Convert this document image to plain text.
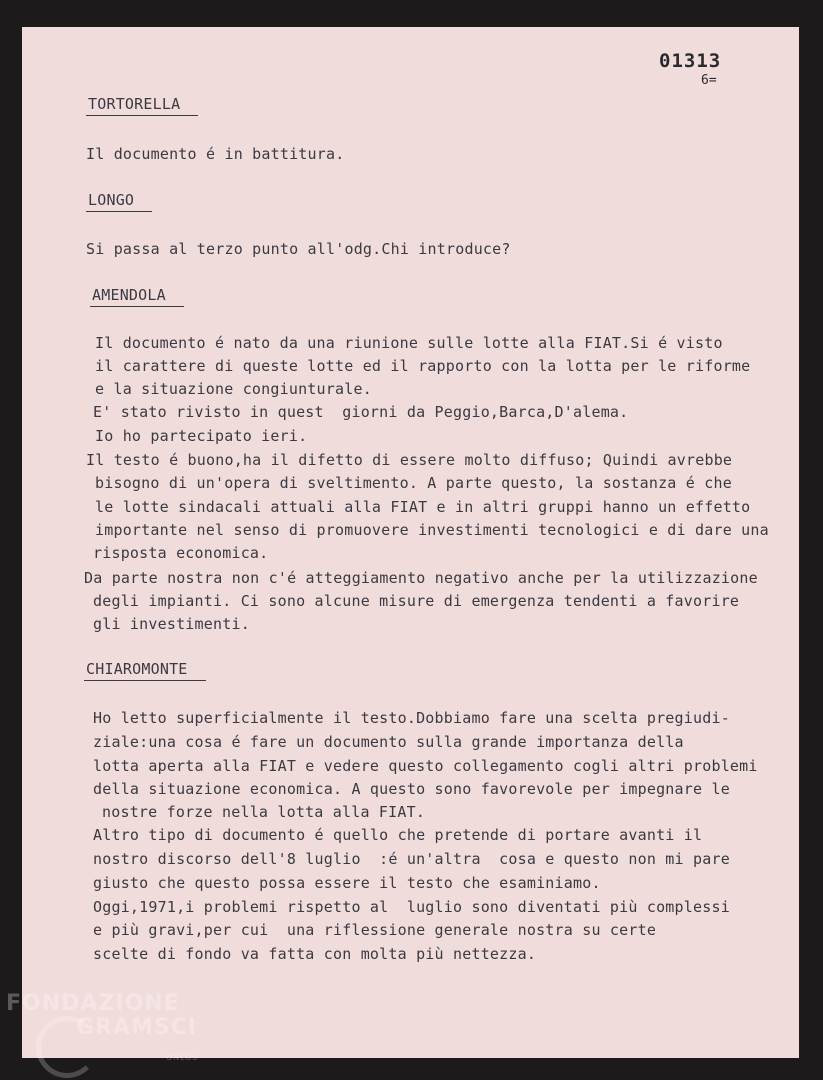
01313
6=
TORTORELLA
Il documento é in battitura.
LONGO
Si passa al terzo punto all'odg.Chi introduce?
AMENDOLA
Il documento é nato da una riunione sulle lotte alla FIAT.Si é visto
il carattere di queste lotte ed il rapporto con la lotta per le riforme
e la situazione congiunturale.
E' stato rivisto in quest  giorni da Peggio,Barca,D'alema.
Io ho partecipato ieri.
Il testo é buono,ha il difetto di essere molto diffuso; Quindi avrebbe
bisogno di un'opera di sveltimento. A parte questo, la sostanza é che
le lotte sindacali attuali alla FIAT e in altri gruppi hanno un effetto
importante nel senso di promuovere investimenti tecnologici e di dare una
risposta economica.
Da parte nostra non c'é atteggiamento negativo anche per la utilizzazione
degli impianti. Ci sono alcune misure di emergenza tendenti a favorire
gli investimenti.
CHIAROMONTE
Ho letto superficialmente il testo.Dobbiamo fare una scelta pregiudi-
ziale:una cosa é fare un documento sulla grande importanza della
lotta aperta alla FIAT e vedere questo collegamento cogli altri problemi
della situazione economica. A questo sono favorevole per impegnare le
nostre forze nella lotta alla FIAT.
Altro tipo di documento é quello che pretende di portare avanti il
nostro discorso dell'8 luglio  :é un'altra  cosa e questo non mi pare
giusto che questo possa essere il testo che esaminiamo.
Oggi,1971,i problemi rispetto al  luglio sono diventati più complessi
e più gravi,per cui  una riflessione generale nostra su certe
scelte di fondo va fatta con molta più nettezza.
FONDAZIONE
GRAMSCI
ONLUS
